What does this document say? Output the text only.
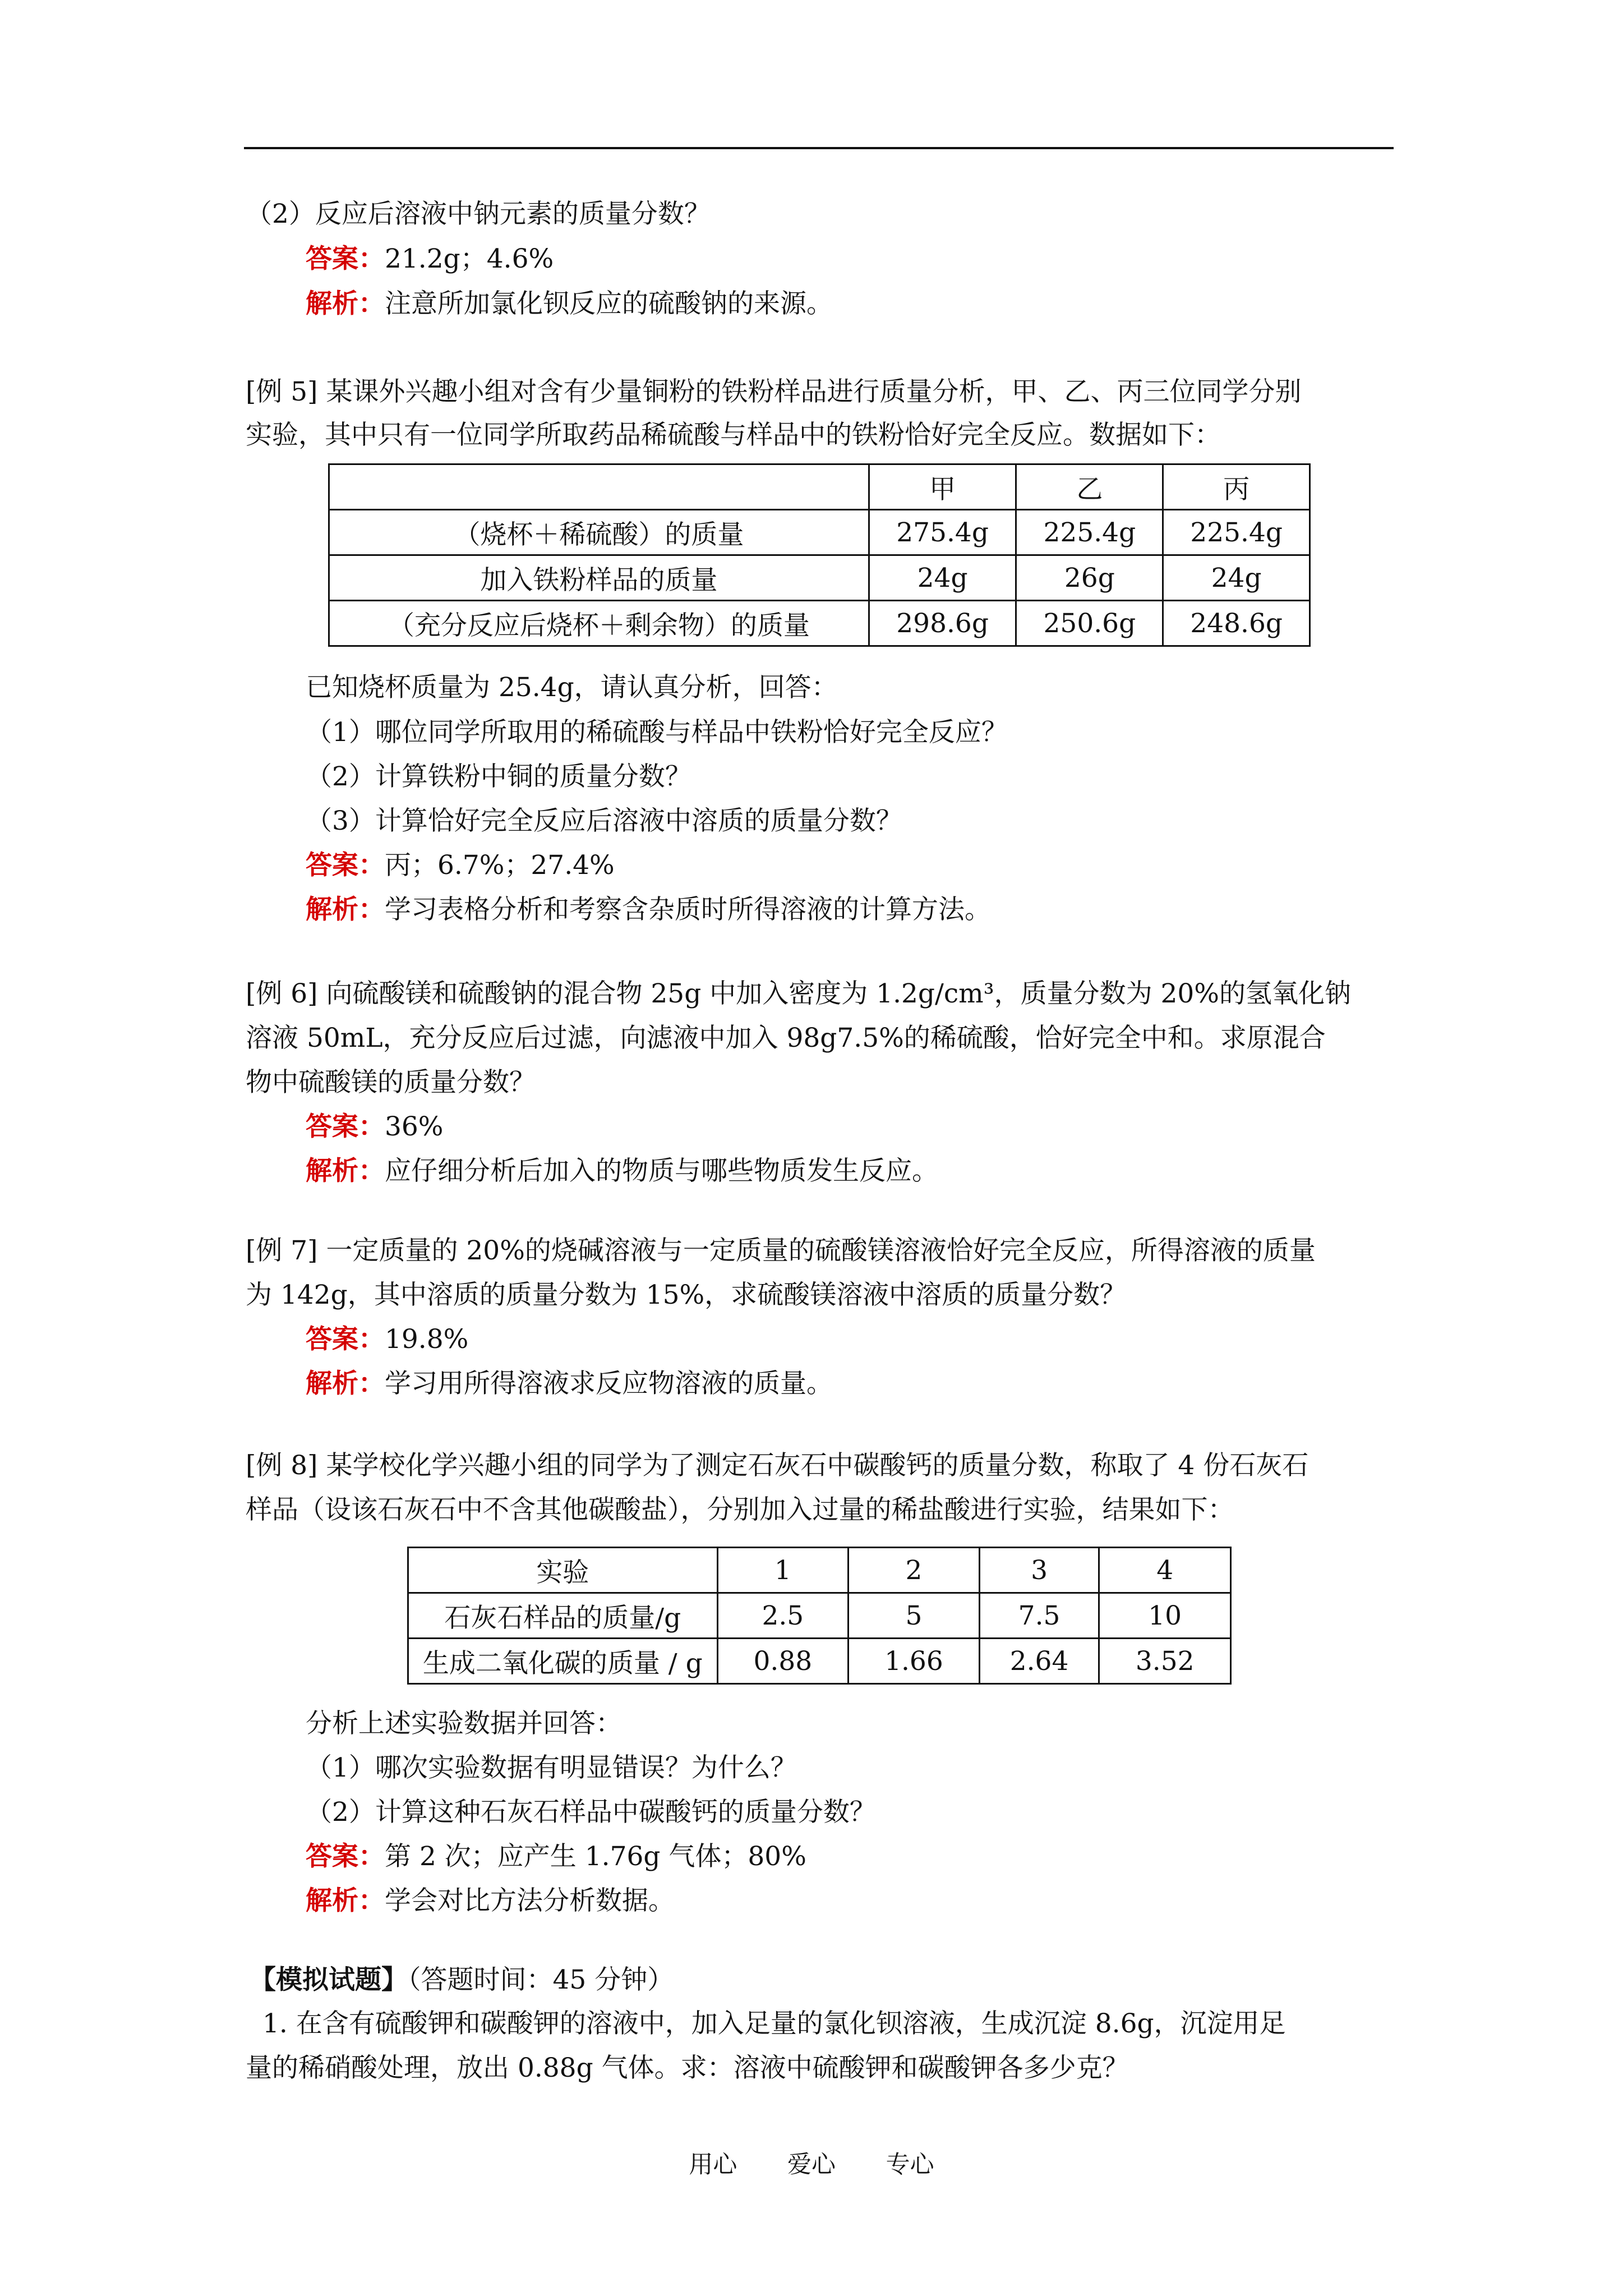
（2）反应后溶液中钠元素的质量分数？
答案：21.2g；4.6%
解析：注意所加氯化钡反应的硫酸钠的来源。
[例 5] 某课外兴趣小组对含有少量铜粉的铁粉样品进行质量分析，甲、乙、丙三位同学分别
实验，其中只有一位同学所取药品稀硫酸与样品中的铁粉恰好完全反应。数据如下：
	甲	乙	丙
（烧杯＋稀硫酸）的质量	275.4g	225.4g	225.4g
加入铁粉样品的质量	24g	26g	24g
（充分反应后烧杯＋剩余物）的质量	298.6g	250.6g	248.6g
已知烧杯质量为 25.4g，请认真分析，回答：
（1）哪位同学所取用的稀硫酸与样品中铁粉恰好完全反应？
（2）计算铁粉中铜的质量分数？
（3）计算恰好完全反应后溶液中溶质的质量分数？
答案：丙；6.7%；27.4%
解析：学习表格分析和考察含杂质时所得溶液的计算方法。
[例 6] 向硫酸镁和硫酸钠的混合物 25g 中加入密度为 1.2g/cm³，质量分数为 20%的氢氧化钠
溶液 50mL，充分反应后过滤，向滤液中加入 98g7.5%的稀硫酸，恰好完全中和。求原混合
物中硫酸镁的质量分数？
答案：36%
解析：应仔细分析后加入的物质与哪些物质发生反应。
[例 7] 一定质量的 20%的烧碱溶液与一定质量的硫酸镁溶液恰好完全反应，所得溶液的质量
为 142g，其中溶质的质量分数为 15%，求硫酸镁溶液中溶质的质量分数？
答案：19.8%
解析：学习用所得溶液求反应物溶液的质量。
[例 8] 某学校化学兴趣小组的同学为了测定石灰石中碳酸钙的质量分数，称取了 4 份石灰石
样品（设该石灰石中不含其他碳酸盐），分别加入过量的稀盐酸进行实验，结果如下：
实验	1	2	3	4
石灰石样品的质量/g	2.5	5	7.5	10
生成二氧化碳的质量 / g	0.88	1.66	2.64	3.52
分析上述实验数据并回答：
（1）哪次实验数据有明显错误？为什么？
（2）计算这种石灰石样品中碳酸钙的质量分数？
答案：第 2 次；应产生 1.76g 气体；80%
解析：学会对比方法分析数据。
【模拟试题】（答题时间：45 分钟）
1. 在含有硫酸钾和碳酸钾的溶液中，加入足量的氯化钡溶液，生成沉淀 8.6g，沉淀用足
量的稀硝酸处理，放出 0.88g 气体。求：溶液中硫酸钾和碳酸钾各多少克？
用心 爱心 专心
